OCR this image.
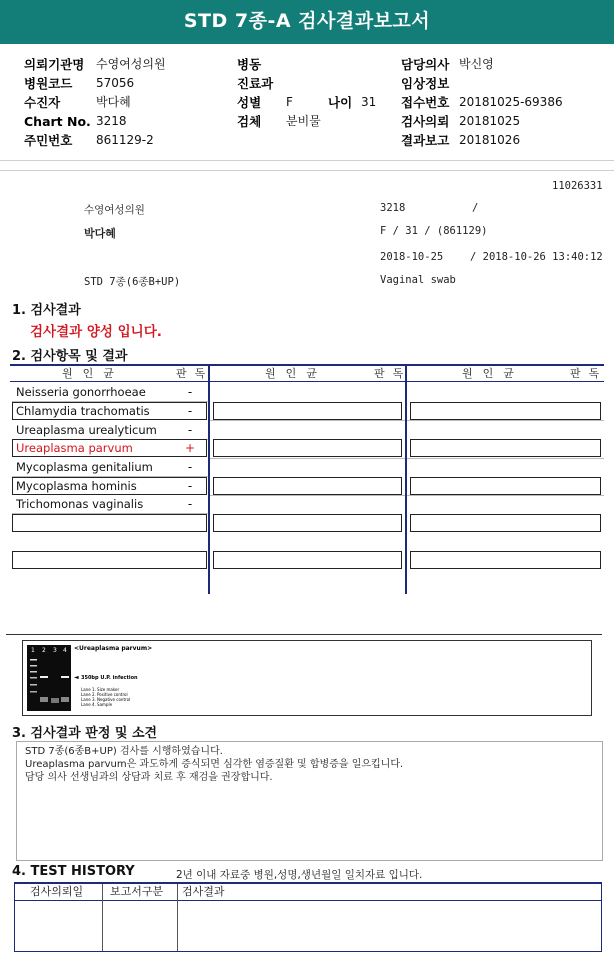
STD 7종-A 검사결과보고서
의뢰기관명 수영여성의원	병동	담당의사 박신영
병원코드 57056	진료과	임상정보
수진자	박다혜	성별 F	나이 31 접수번호 20181025-69386
Chart No. 3218	검체 분비물	검사의뢰 20181025
주민번호 861129-2	결과보고 20181026
11026331
수영여성의원	3218	/
박다혜	F / 31 / (861129)
2018-10-25	/ 2018-10-26 13:40:12
STD 7종(6종B+UP)	Vaginal swab
1. 검사결과
검사결과 양성 입니다.
2. 검사항목 및 결과
원인균	판독	원인균	판독	원인균	판독
Neisseria gonorrhoeae	-
Chlamydia trachomatis	-
Ureaplasma urealyticum	-
Ureaplasma parvum	+
Mycoplasma genitalium	-
Mycoplasma hominis	-
Trichomonas vaginalis	-
1 2 3 4 <Ureaplasma parvum>
◄ 350bp U.P. infection
Lane 1. Size maker
Lane 2. Positive control
Lane 3. Negative control
Lane 4. Sample
3. 검사결과 판정 및 소견
STD 7종(6종B+UP) 검사를 시행하였습니다.
Ureaplasma parvum은 과도하게 증식되면 심각한 염증질환 및 합병증을 일으킵니다.
담당 의사 선생님과의 상담과 치료 후 재검을 권장합니다.
4. TEST HISTORY	2년 이내 자료중 병원,성명,생년월일 일치자료 입니다.
검사의뢰일 보고서구분 검사결과
